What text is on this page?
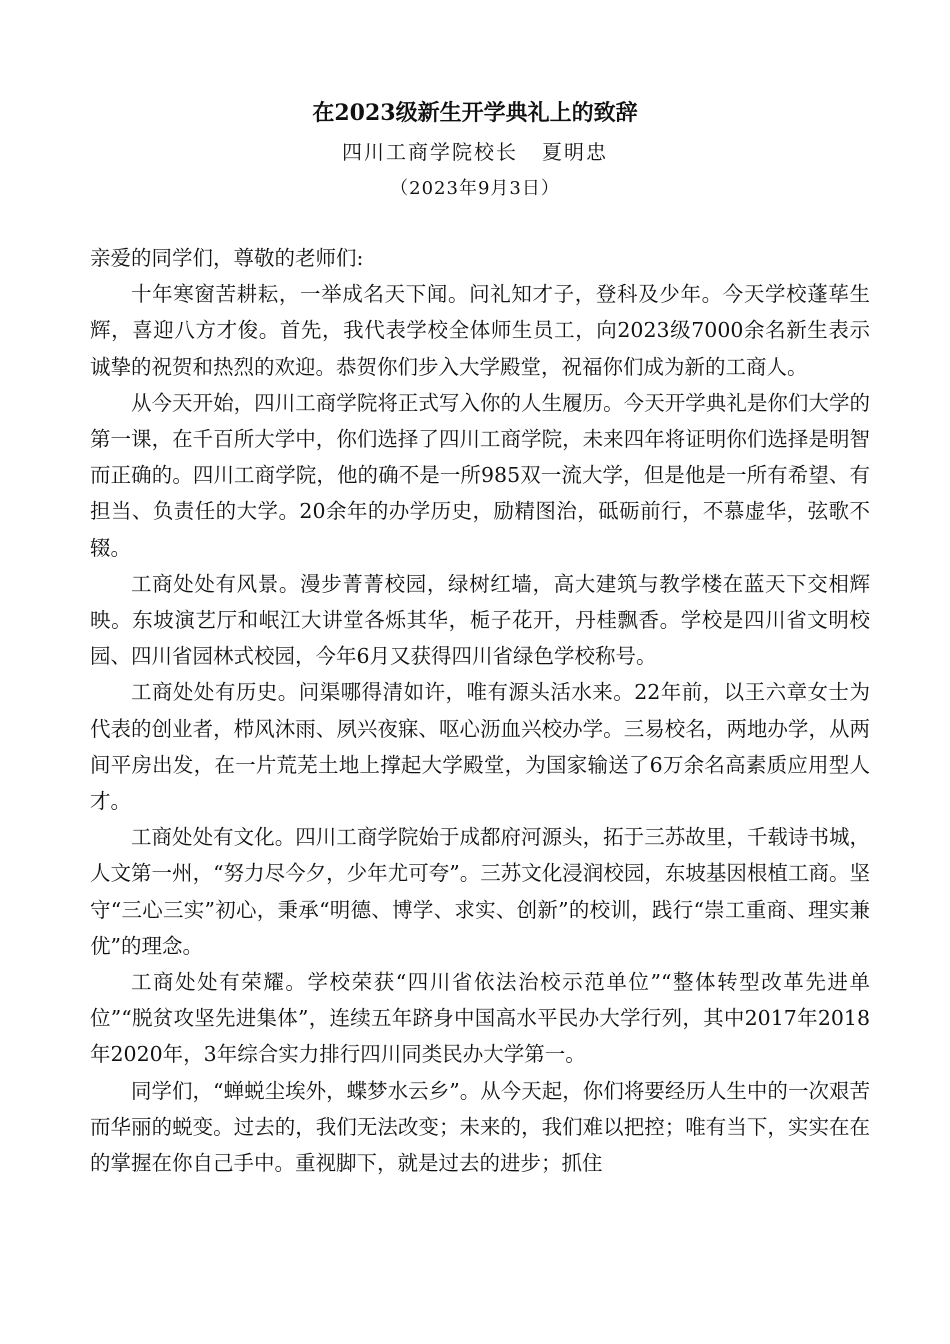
在2023级新生开学典礼上的致辞
四川工商学院校长 夏明忠
（2023年9月3日）

亲爱的同学们，尊敬的老师们:

十年寒窗苦耕耘，一举成名天下闻。问礼知才子，登科及少年。今天学校蓬荜生辉，喜迎八方才俊。首先，我代表学校全体师生员工，向2023级7000余名新生表示诚挚的祝贺和热烈的欢迎。恭贺你们步入大学殿堂，祝福你们成为新的工商人。

从今天开始，四川工商学院将正式写入你的人生履历。今天开学典礼是你们大学的第一课，在千百所大学中，你们选择了四川工商学院，未来四年将证明你们选择是明智而正确的。四川工商学院，他的确不是一所985双一流大学，但是他是一所有希望、有担当、负责任的大学。20余年的办学历史，励精图治，砥砺前行，不慕虚华，弦歌不辍。

工商处处有风景。漫步菁菁校园，绿树红墙，高大建筑与教学楼在蓝天下交相辉映。东坡演艺厅和岷江大讲堂各烁其华，栀子花开，丹桂飘香。学校是四川省文明校园、四川省园林式校园，今年6月又获得四川省绿色学校称号。

工商处处有历史。问渠哪得清如许，唯有源头活水来。22年前，以王六章女士为代表的创业者，栉风沐雨、夙兴夜寐、呕心沥血兴校办学。三易校名，两地办学，从两间平房出发，在一片荒芜土地上撑起大学殿堂，为国家输送了6万余名高素质应用型人才。

工商处处有文化。四川工商学院始于成都府河源头，拓于三苏故里，千载诗书城，人文第一州，“努力尽今夕，少年尤可夸”。三苏文化浸润校园，东坡基因根植工商。坚守“三心三实”初心，秉承“明德、博学、求实、创新”的校训，践行“崇工重商、理实兼优”的理念。

工商处处有荣耀。学校荣获“四川省依法治校示范单位”“整体转型改革先进单位”“脱贫攻坚先进集体”，连续五年跻身中国高水平民办大学行列，其中2017年2018年2020年，3年综合实力排行四川同类民办大学第一。

同学们，“蝉蜕尘埃外，蝶梦水云乡”。从今天起，你们将要经历人生中的一次艰苦而华丽的蜕变。过去的，我们无法改变；未来的，我们难以把控；唯有当下，实实在在的掌握在你自己手中。重视脚下，就是过去的进步；抓住
